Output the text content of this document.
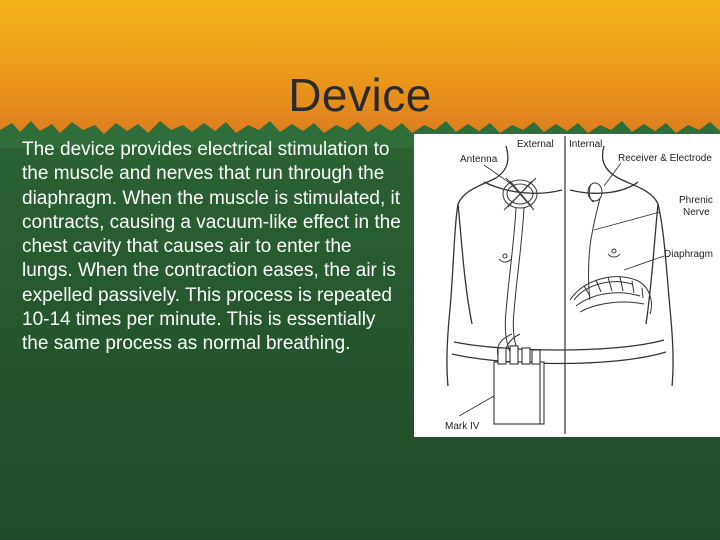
Device
The device provides electrical stimulation to the muscle and nerves that run through the diaphragm. When the muscle is stimulated, it contracts, causing a vacuum-like effect in the chest cavity that causes air to enter the lungs. When the contraction eases, the air is expelled passively. This process is repeated 10-14 times per minute. This is essentially the same process as normal breathing.
External Internal
Antenna	Receiver & Electrode
Phrenic
Nerve
Diaphragm
Mark IV
